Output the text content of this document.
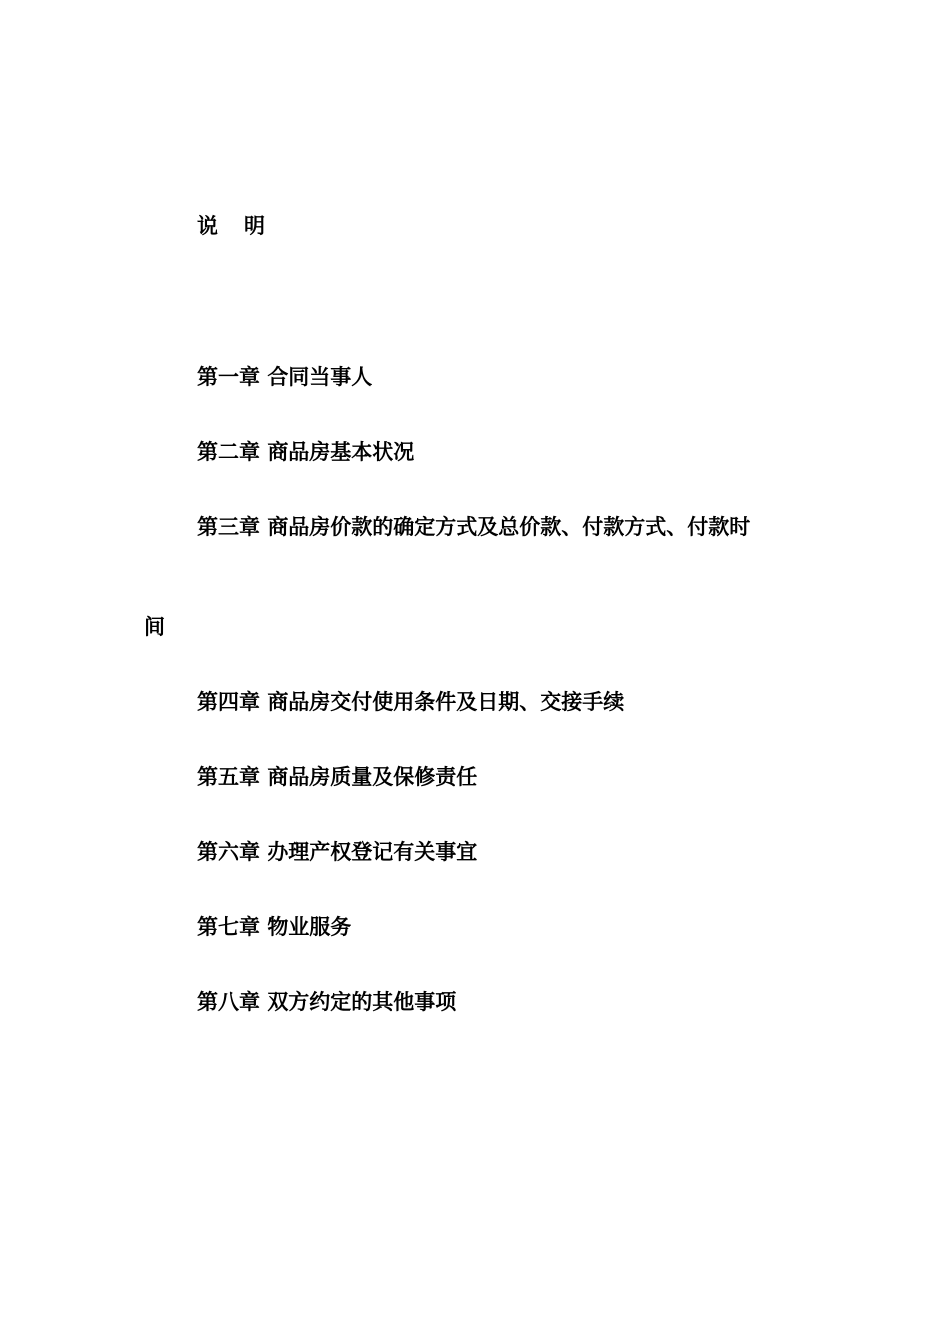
说 明
第一章 合同当事人
第二章 商品房基本状况
第三章 商品房价款的确定方式及总价款、付款方式、付款时
间
第四章 商品房交付使用条件及日期、交接手续
第五章 商品房质量及保修责任
第六章 办理产权登记有关事宜
第七章 物业服务
第八章 双方约定的其他事项
